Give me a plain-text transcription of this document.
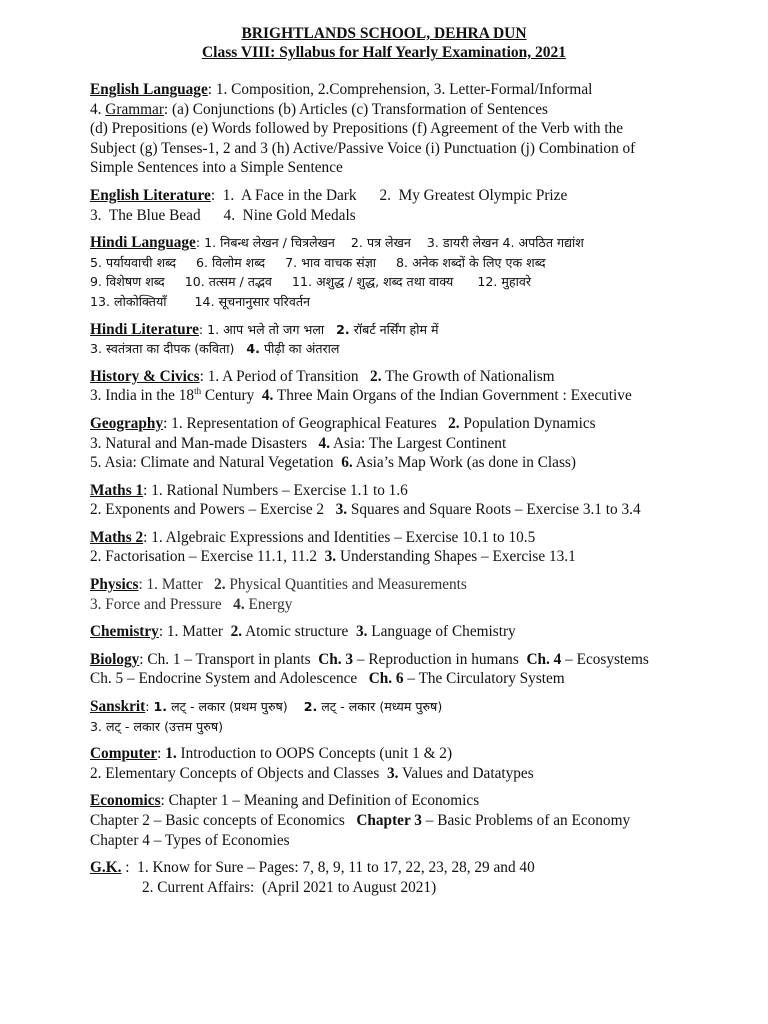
BRIGHTLANDS SCHOOL, DEHRA DUN
Class VIII: Syllabus for Half Yearly Examination, 2021
English Language: 1. Composition, 2.Comprehension, 3. Letter-Formal/Informal
4. Grammar: (a) Conjunctions (b) Articles (c) Transformation of Sentences
(d) Prepositions (e) Words followed by Prepositions (f) Agreement of the Verb with the
Subject (g) Tenses-1, 2 and 3 (h) Active/Passive Voice (i) Punctuation (j) Combination of
Simple Sentences into a Simple Sentence
English Literature:  1.  A Face in the Dark      2.  My Greatest Olympic Prize
3.  The Blue Bead      4.  Nine Gold Medals
Hindi Language: 1. निबन्ध लेखन / चित्रलेखन    2. पत्र लेखन    3. डायरी लेखन 4. अपठित गद्यांश
5. पर्यायवाची शब्द     6. विलोम शब्द     7. भाव वाचक संज्ञा     8. अनेक शब्दों के लिए एक शब्द
9. विशेषण शब्द     10. तत्सम / तद्भव     11. अशुद्ध / शुद्ध, शब्द तथा वाक्य      12. मुहावरे
13. लोकोक्तियाँ       14. सूचनानुसार परिवर्तन
Hindi Literature: 1. आप भले तो जग भला   2. रॉबर्ट नर्सिंग होम में
3. स्वतंत्रता का दीपक (कविता)   4. पीढ़ी का अंतराल
History & Civics: 1. A Period of Transition   2. The Growth of Nationalism
3. India in the 18th Century  4. Three Main Organs of the Indian Government : Executive
Geography: 1. Representation of Geographical Features   2. Population Dynamics
3. Natural and Man-made Disasters   4. Asia: The Largest Continent
5. Asia: Climate and Natural Vegetation  6. Asia’s Map Work (as done in Class)
Maths 1: 1. Rational Numbers – Exercise 1.1 to 1.6
2. Exponents and Powers – Exercise 2   3. Squares and Square Roots – Exercise 3.1 to 3.4
Maths 2: 1. Algebraic Expressions and Identities – Exercise 10.1 to 10.5
2. Factorisation – Exercise 11.1, 11.2  3. Understanding Shapes – Exercise 13.1
Physics: 1. Matter   2. Physical Quantities and Measurements
3. Force and Pressure   4. Energy
Chemistry: 1. Matter  2. Atomic structure  3. Language of Chemistry
Biology: Ch. 1 – Transport in plants  Ch. 3 – Reproduction in humans  Ch. 4 – Ecosystems
Ch. 5 – Endocrine System and Adolescence   Ch. 6 – The Circulatory System
Sanskrit: 1. लट् - लकार (प्रथम पुरुष)    2. लट् - लकार (मध्यम पुरुष)
3. लट् - लकार (उत्तम पुरुष)
Computer: 1. Introduction to OOPS Concepts (unit 1 & 2)
2. Elementary Concepts of Objects and Classes  3. Values and Datatypes
Economics: Chapter 1 – Meaning and Definition of Economics
Chapter 2 – Basic concepts of Economics   Chapter 3 – Basic Problems of an Economy
Chapter 4 – Types of Economies
G.K. :  1. Know for Sure – Pages: 7, 8, 9, 11 to 17, 22, 23, 28, 29 and 40
2. Current Affairs:  (April 2021 to August 2021)
